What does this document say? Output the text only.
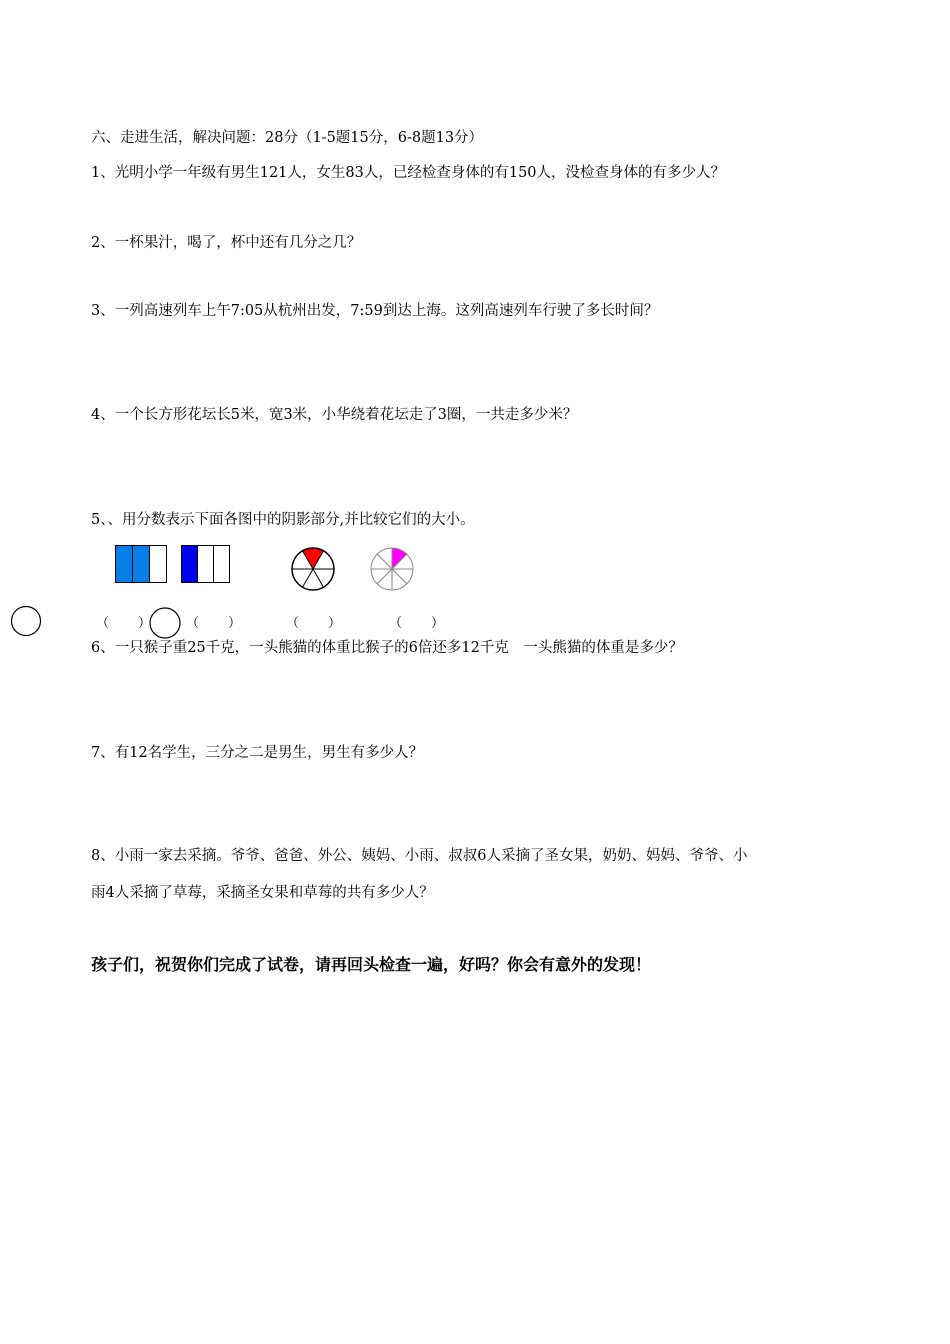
六、走进生活，解决问题：28分（1-5题15分，6-8题13分）
1、光明小学一年级有男生121人，女生83人，已经检查身体的有150人，没检查身体的有多少人？
2、一杯果汁，喝了，杯中还有几分之几？
3、一列高速列车上午7:05从杭州出发，7:59到达上海。这列高速列车行驶了多长时间？
4、一个长方形花坛长5米，宽3米，小华绕着花坛走了3圈，一共走多少米？
5、、用分数表示下面各图中的阴影部分,并比较它们的大小。
（　　）	（　　）	（　　）	（　　）
6、一只猴子重25千克，一头熊猫的体重比猴子的6倍还多12千克　一头熊猫的体重是多少？
7、有12名学生，三分之二是男生，男生有多少人？
8、小雨一家去采摘。爷爷、爸爸、外公、姨妈、小雨、叔叔6人采摘了圣女果，奶奶、妈妈、爷爷、小
雨4人采摘了草莓，采摘圣女果和草莓的共有多少人？
孩子们，祝贺你们完成了试卷，请再回头检查一遍，好吗？你会有意外的发现！
